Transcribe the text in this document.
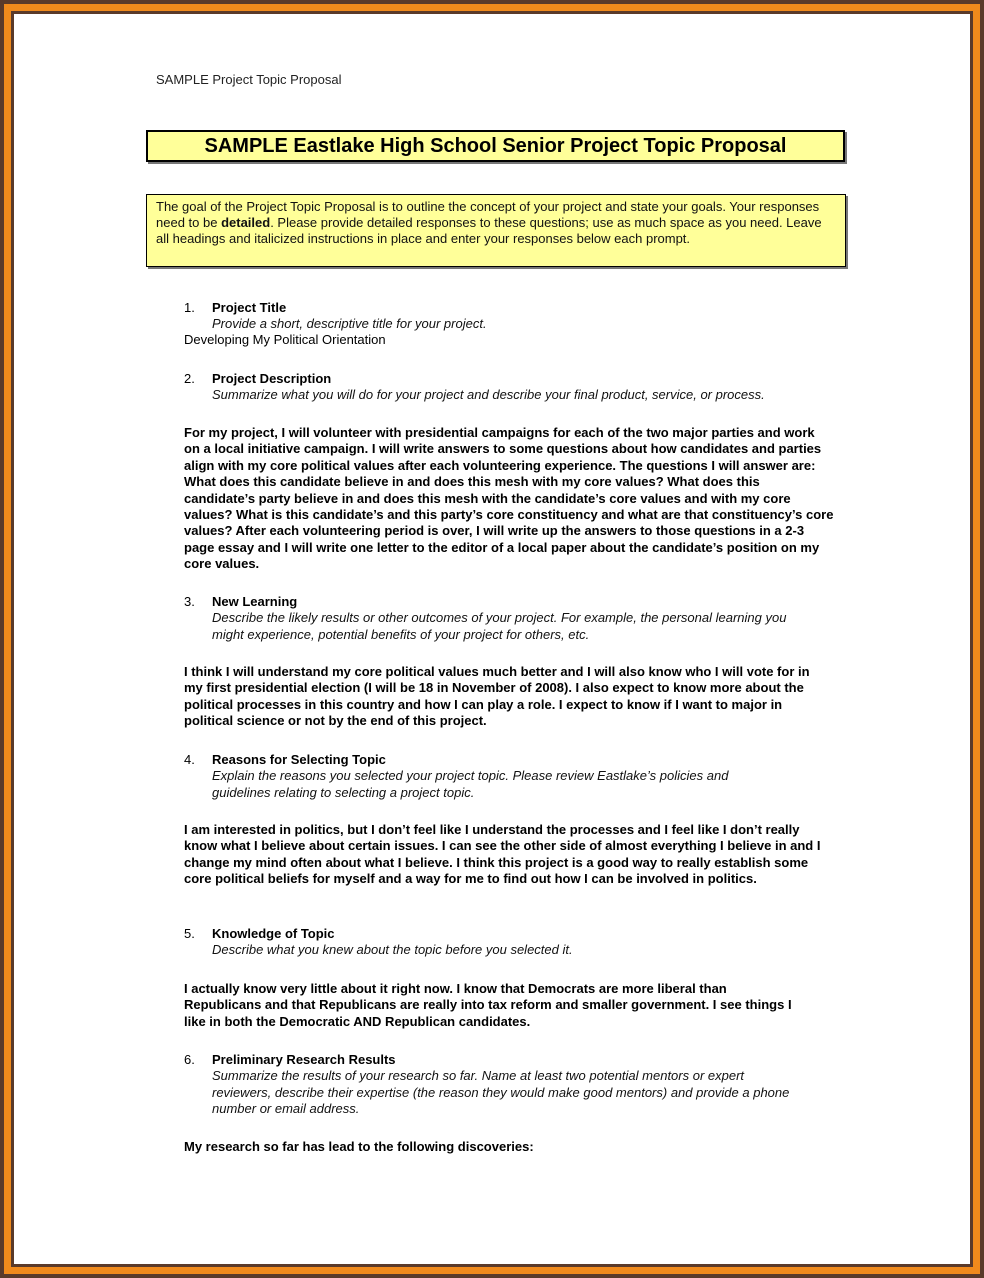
SAMPLE Project Topic Proposal
SAMPLE Eastlake High School Senior Project Topic Proposal
The goal of the Project Topic Proposal is to outline the concept of your project and state your goals. Your responses need to be detailed. Please provide detailed responses to these questions; use as much space as you need. Leave all headings and italicized instructions in place and enter your responses below each prompt.
1. Project Title
Provide a short, descriptive title for your project.
Developing My Political Orientation
2. Project Description
Summarize what you will do for your project and describe your final product, service, or process.
For my project, I will volunteer with presidential campaigns for each of the two major parties and work on a local initiative campaign. I will write answers to some questions about how candidates and parties align with my core political values after each volunteering experience. The questions I will answer are: What does this candidate believe in and does this mesh with my core values? What does this candidate’s party believe in and does this mesh with the candidate’s core values and with my core values? What is this candidate’s and this party’s core constituency and what are that constituency’s core values? After each volunteering period is over, I will write up the answers to those questions in a 2-3 page essay and I will write one letter to the editor of a local paper about the candidate’s position on my core values.
3. New Learning
Describe the likely results or other outcomes of your project. For example, the personal learning you might experience, potential benefits of your project for others, etc.
I think I will understand my core political values much better and I will also know who I will vote for in my first presidential election (I will be 18 in November of 2008). I also expect to know more about the political processes in this country and how I can play a role. I expect to know if I want to major in political science or not by the end of this project.
4. Reasons for Selecting Topic
Explain the reasons you selected your project topic. Please review Eastlake’s policies and guidelines relating to selecting a project topic.
I am interested in politics, but I don’t feel like I understand the processes and I feel like I don’t really know what I believe about certain issues. I can see the other side of almost everything I believe in and I change my mind often about what I believe. I think this project is a good way to really establish some core political beliefs for myself and a way for me to find out how I can be involved in politics.
5. Knowledge of Topic
Describe what you knew about the topic before you selected it.
I actually know very little about it right now. I know that Democrats are more liberal than Republicans and that Republicans are really into tax reform and smaller government. I see things I like in both the Democratic AND Republican candidates.
6. Preliminary Research Results
Summarize the results of your research so far. Name at least two potential mentors or expert reviewers, describe their expertise (the reason they would make good mentors) and provide a phone number or email address.
My research so far has lead to the following discoveries:
